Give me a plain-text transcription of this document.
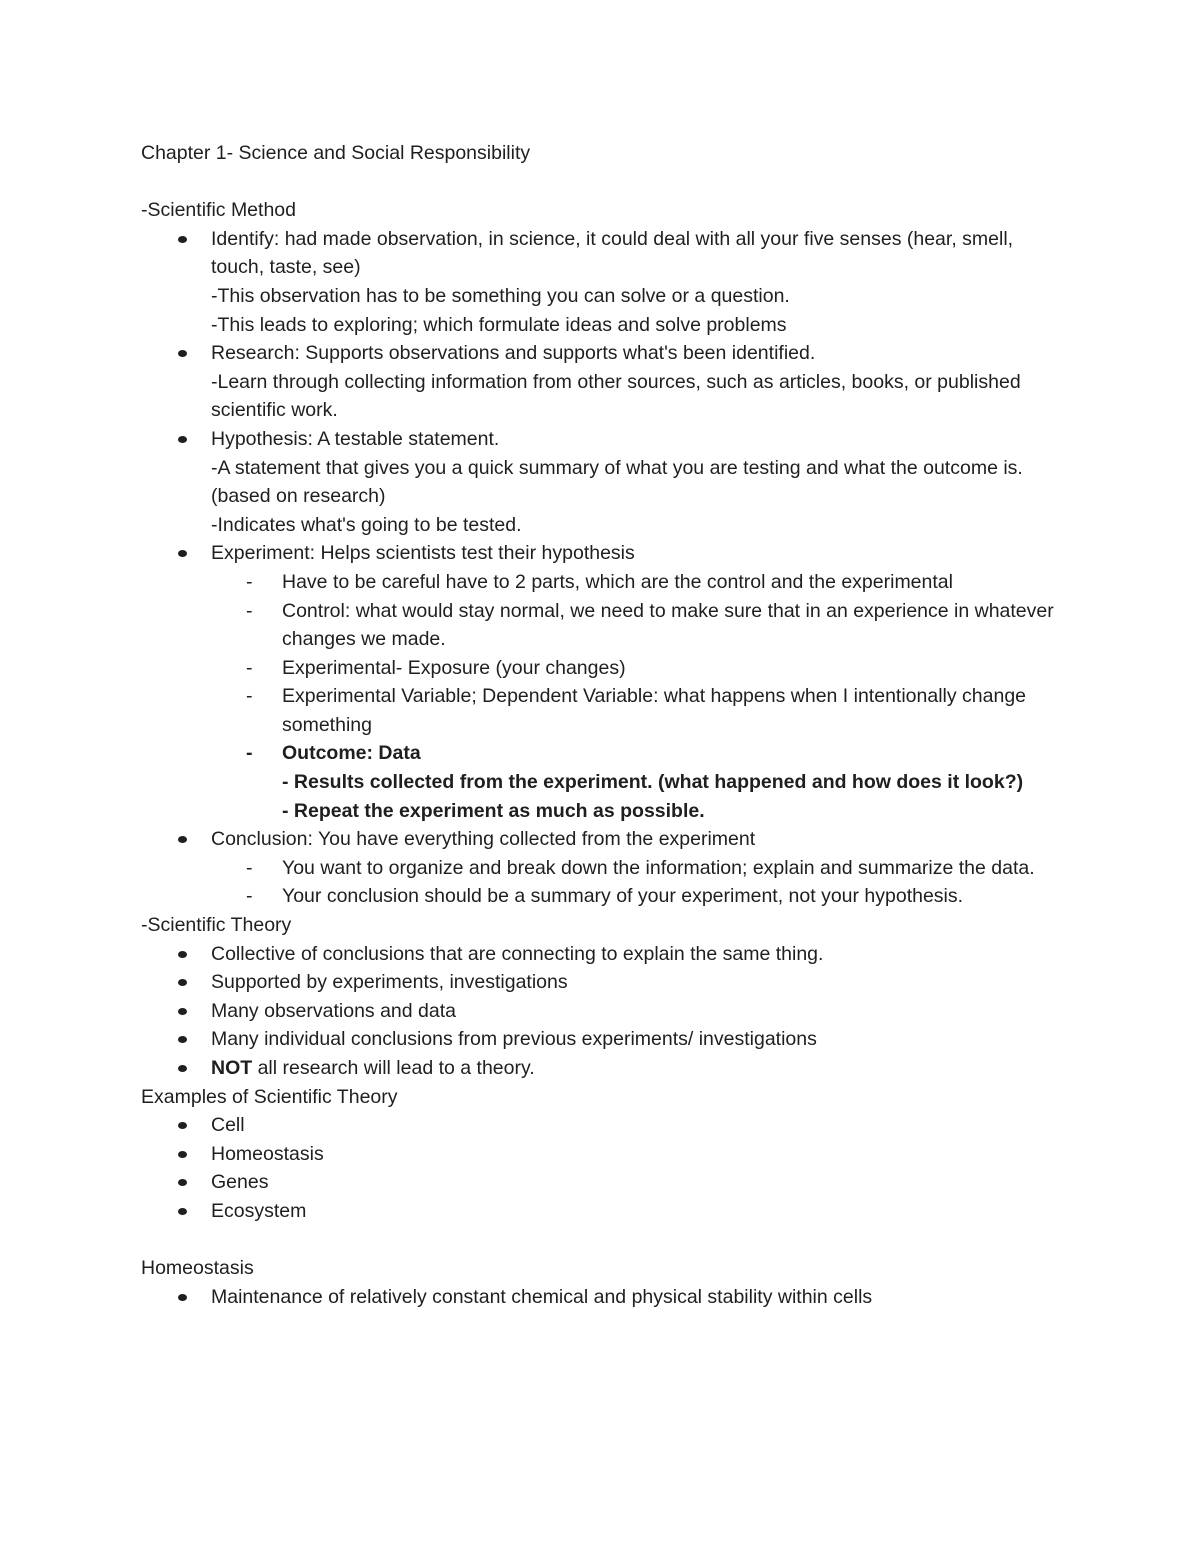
Chapter 1- Science and Social Responsibility

-Scientific Method

Identify: had made observation, in science, it could deal with all your five senses (hear, smell, touch, taste, see)
-This observation has to be something you can solve or a question.
-This leads to exploring; which formulate ideas and solve problems
Research: Supports observations and supports what's been identified.
-Learn through collecting information from other sources, such as articles, books, or published scientific work.
Hypothesis: A testable statement.
-A statement that gives you a quick summary of what you are testing and what the outcome is. (based on research)
-Indicates what's going to be tested.
Experiment: Helps scientists test their hypothesis
- Have to be careful have to 2 parts, which are the control and the experimental
- Control: what would stay normal, we need to make sure that in an experience in whatever changes we made.
- Experimental- Exposure (your changes)
- Experimental Variable; Dependent Variable: what happens when I intentionally change something
- Outcome: Data
- Results collected from the experiment. (what happened and how does it look?)
- Repeat the experiment as much as possible.
Conclusion: You have everything collected from the experiment
- You want to organize and break down the information; explain and summarize the data.
- Your conclusion should be a summary of your experiment, not your hypothesis.

-Scientific Theory

Collective of conclusions that are connecting to explain the same thing.
Supported by experiments, investigations
Many observations and data
Many individual conclusions from previous experiments/ investigations
NOT all research will lead to a theory.

Examples of Scientific Theory

Cell
Homeostasis
Genes
Ecosystem

Homeostasis

Maintenance of relatively constant chemical and physical stability within cells
